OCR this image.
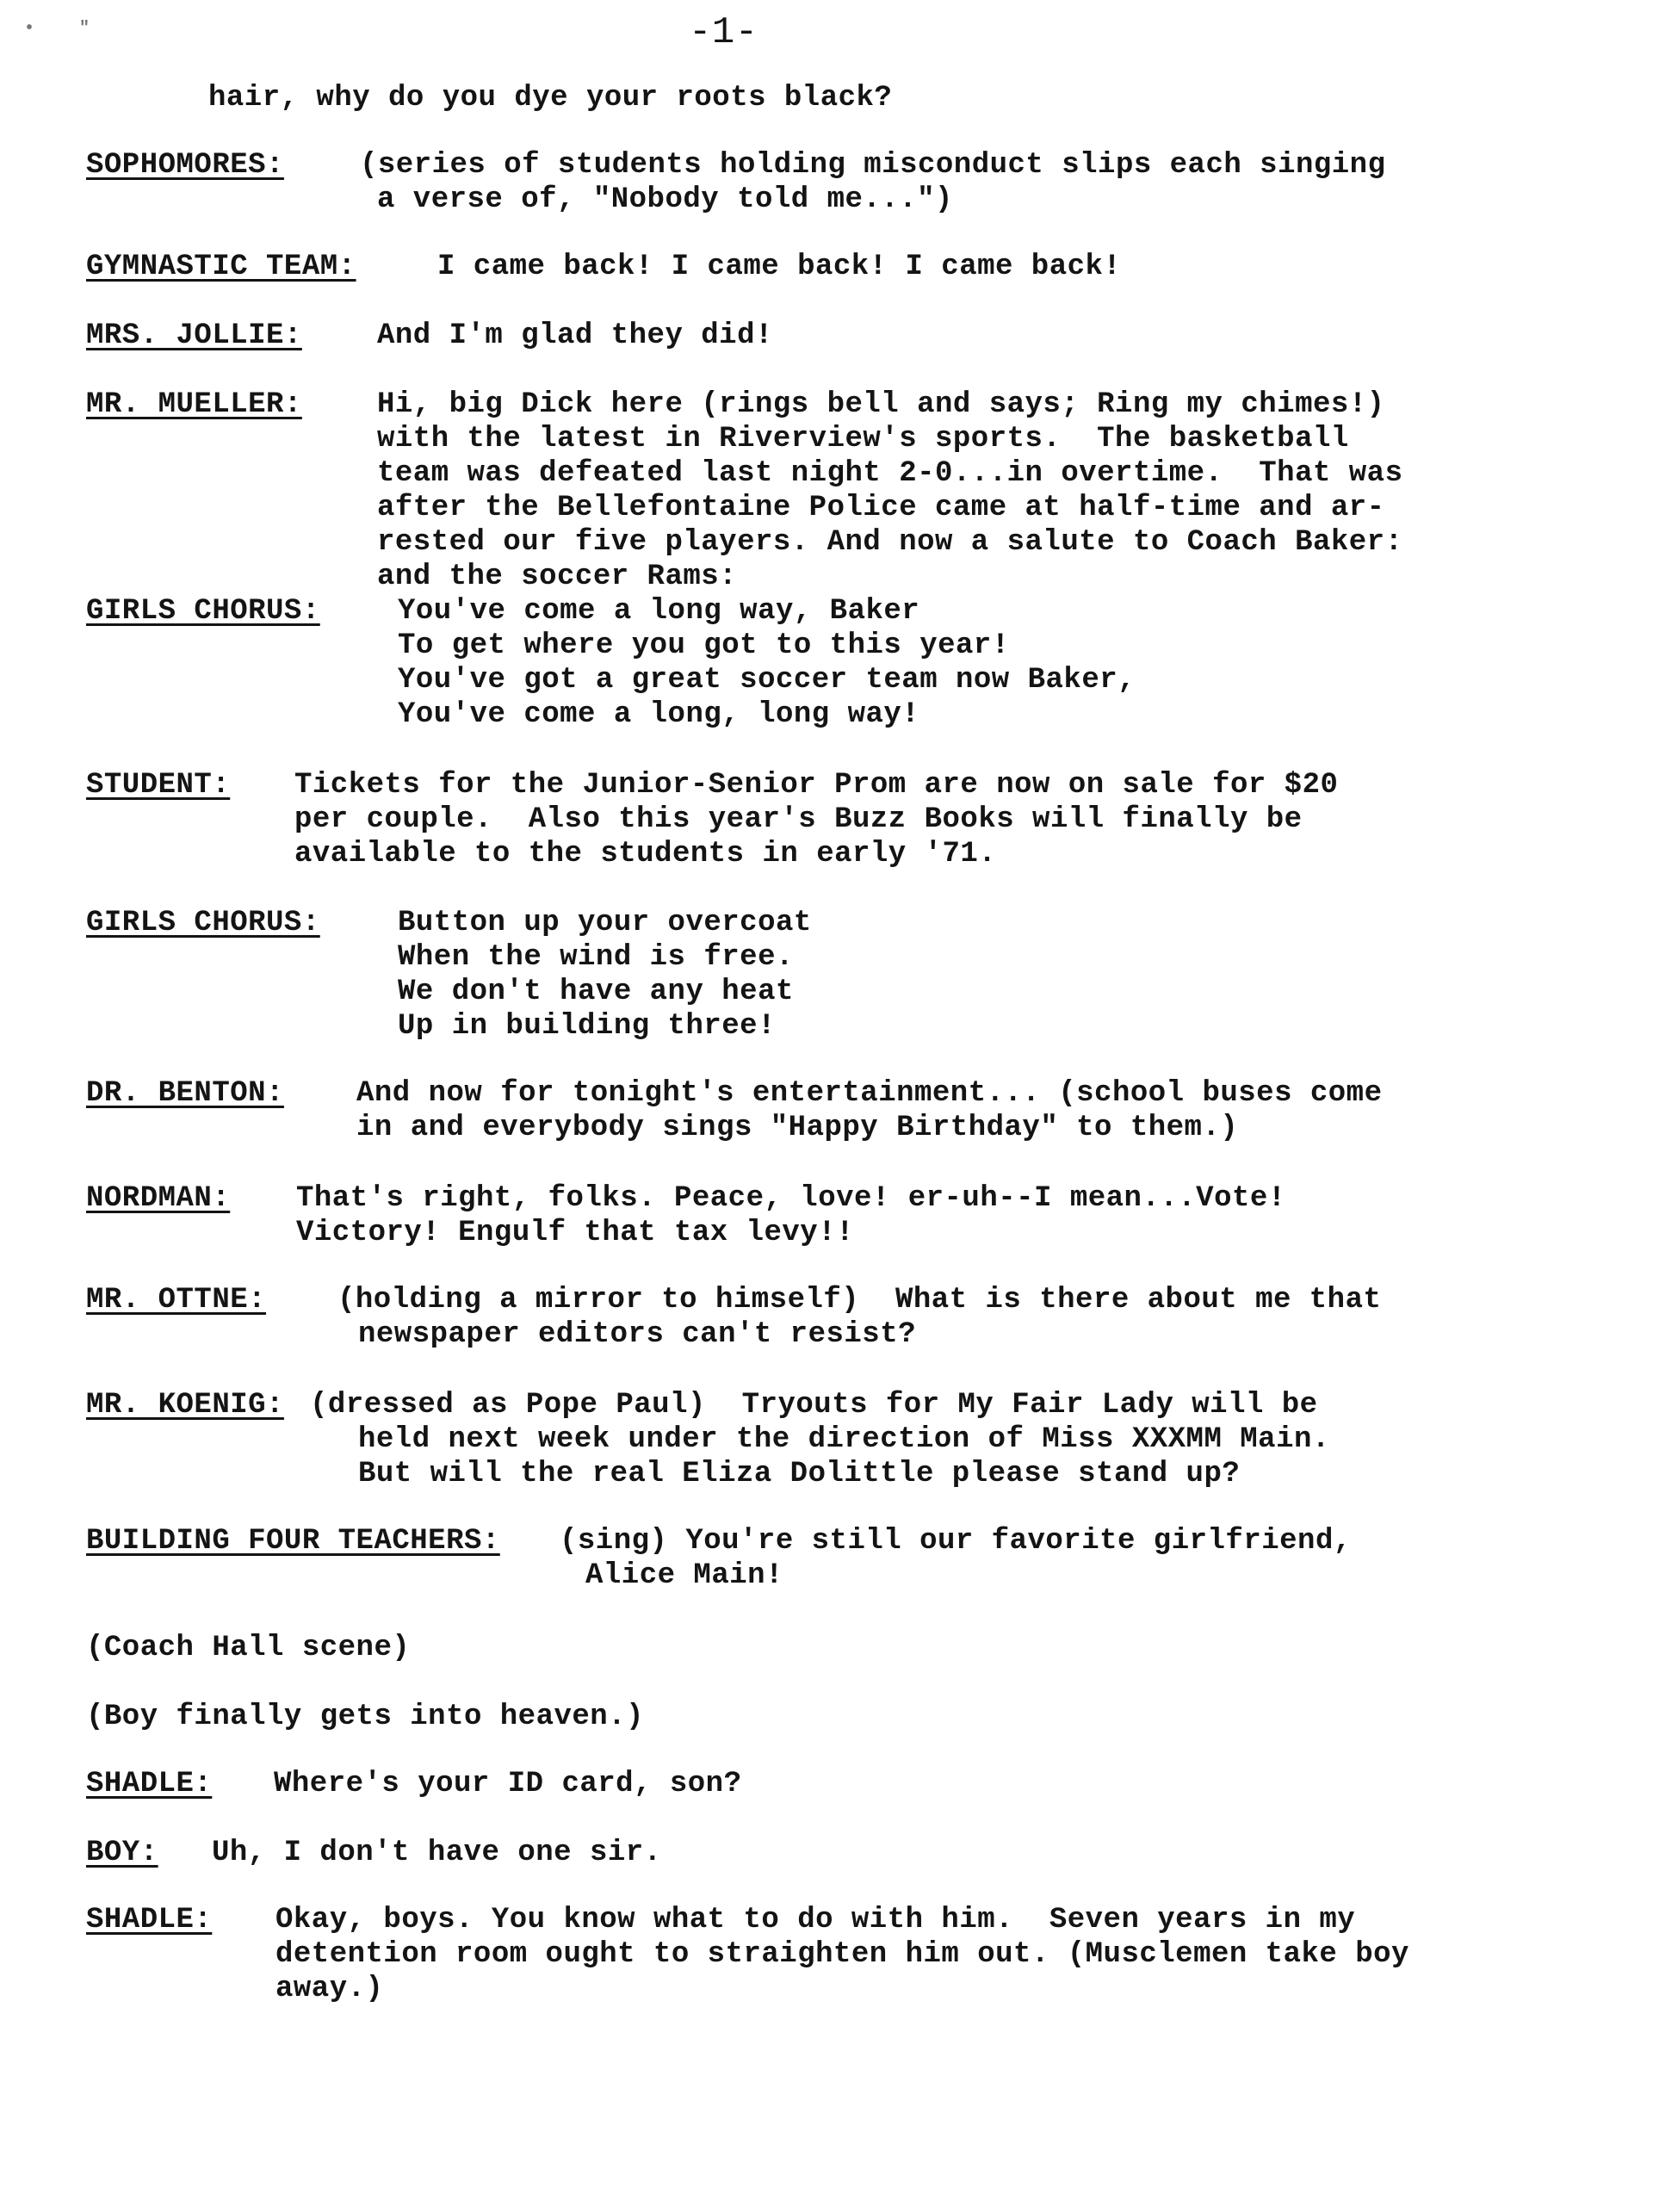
•	"	-1-
hair, why do you dye your roots black?
SOPHOMORES:	(series of students holding misconduct slips each singing
a verse of, "Nobody told me...")
GYMNASTIC TEAM:	I came back! I came back! I came back!
MRS. JOLLIE:	And I'm glad they did!
MR. MUELLER:	Hi, big Dick here (rings bell and says; Ring my chimes!)
with the latest in Riverview's sports.  The basketball
team was defeated last night 2-0...in overtime.  That was
after the Bellefontaine Police came at half-time and ar-
rested our five players. And now a salute to Coach Baker:
and the soccer Rams:
GIRLS CHORUS:	You've come a long way, Baker
To get where you got to this year!
You've got a great soccer team now Baker,
You've come a long, long way!
STUDENT: Tickets for the Junior-Senior Prom are now on sale for $20
per couple.  Also this year's Buzz Books will finally be
available to the students in early '71.
GIRLS CHORUS:	Button up your overcoat
When the wind is free.
We don't have any heat
Up in building three!
DR. BENTON: And now for tonight's entertainment... (school buses come
in and everybody sings "Happy Birthday" to them.)
NORDMAN: That's right, folks. Peace, love! er-uh--I mean...Vote!
Victory! Engulf that tax levy!!
MR. OTTNE: (holding a mirror to himself)  What is there about me that
newspaper editors can't resist?
MR. KOENIG: (dressed as Pope Paul)  Tryouts for My Fair Lady will be
held next week under the direction of Miss XXXMM Main.
But will the real Eliza Dolittle please stand up?
BUILDING FOUR TEACHERS: (sing) You're still our favorite girlfriend,
Alice Main!
(Coach Hall scene)
(Boy finally gets into heaven.)
SHADLE: Where's your ID card, son?
BOY: Uh, I don't have one sir.
SHADLE: Okay, boys. You know what to do with him.  Seven years in my
detention room ought to straighten him out. (Musclemen take boy
away.)
